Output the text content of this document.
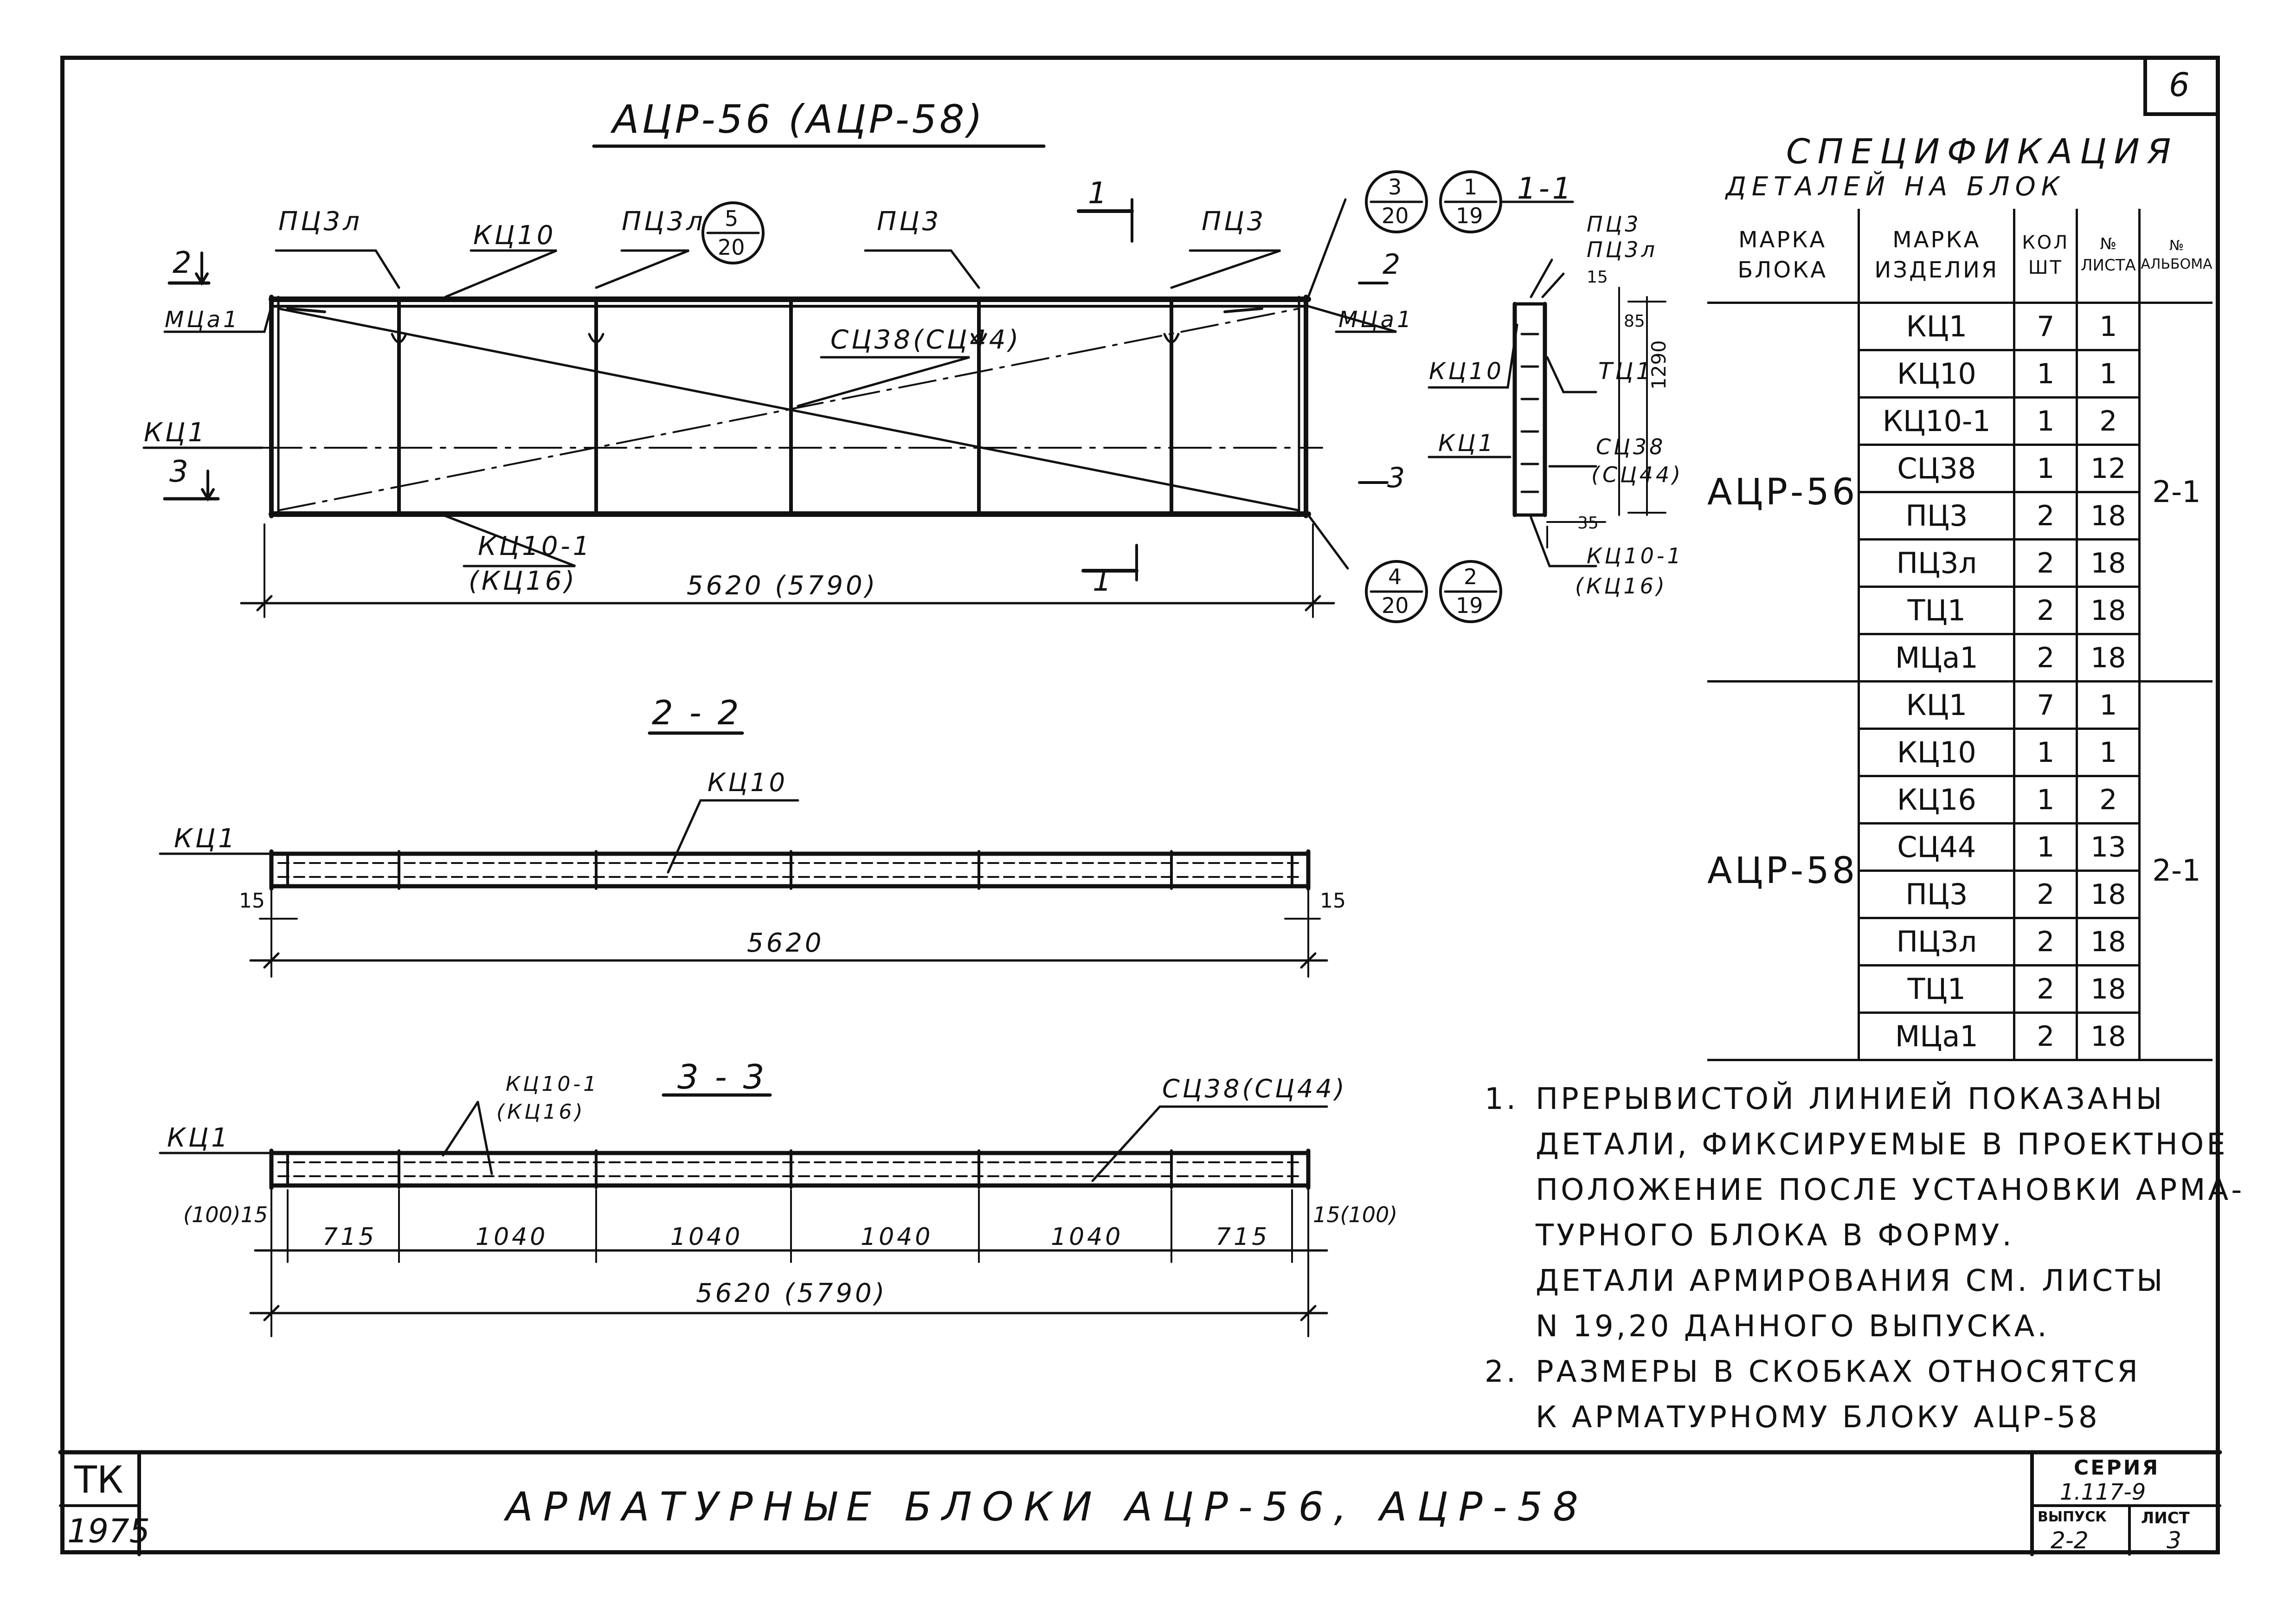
6
АЦР-56 (АЦР-58)
ПЦ3л	КЦ10	ПЦ3л 5
20
ПЦ3	ПЦ3
2
МЦа1	МЦа1
КЦ1
3
СЦ38(СЦ44)
КЦ10-1
(КЦ16)	5620 (5790)
1
1
2
3
3
20
1
19
4
20
2
19
1-1
ПЦ3
ПЦ3л
15
85
1290
КЦ10	ТЦ1
КЦ1	СЦ38
(СЦ44)
35
КЦ10-1
(КЦ16)
2 - 2
КЦ10
КЦ1
15	15
5620
3 - 3
КЦ10-1
(КЦ16)
СЦ38(СЦ44)
КЦ1
(100)15	15(100)
715	1040	1040	1040	1040	715
5620 (5790)
СПЕЦИФИКАЦИЯ
ДЕТАЛЕЙ НА БЛОК
МАРКА БЛОКА	МАРКА ИЗДЕЛИЯ	КОЛ ШТ	№ ЛИСТА	№ АЛЬБОМА
АЦР-56	КЦ1	7	1	2-1
	КЦ10	1	1	
	КЦ10-1	1	2	
	СЦ38	1	12	
	ПЦ3	2	18	
	ПЦ3л	2	18	
	ТЦ1	2	18	
	МЦа1	2	18	
АЦР-58	КЦ1	7	1	2-1
	КЦ10	1	1	
	КЦ16	1	2	
	СЦ44	1	13	
	ПЦ3	2	18	
	ПЦ3л	2	18	
	ТЦ1	2	18	
	МЦа1	2	18	
1. ПРЕРЫВИСТОЙ ЛИНИЕЙ ПОКАЗАНЫ
ДЕТАЛИ, ФИКСИРУЕМЫЕ В ПРОЕКТНОЕ
ПОЛОЖЕНИЕ ПОСЛЕ УСТАНОВКИ АРМА-
ТУРНОГО БЛОКА В ФОРМУ.
ДЕТАЛИ АРМИРОВАНИЯ СМ. ЛИСТЫ
N 19,20 ДАННОГО ВЫПУСКА.
2. РАЗМЕРЫ В СКОБКАХ ОТНОСЯТСЯ
К АРМАТУРНОМУ БЛОКУ АЦР-58
ТК
1975
АРМАТУРНЫЕ БЛОКИ АЦР-56, АЦР-58
СЕРИЯ
1.117-9
ВЫПУСК ЛИСТ
2-2	3
